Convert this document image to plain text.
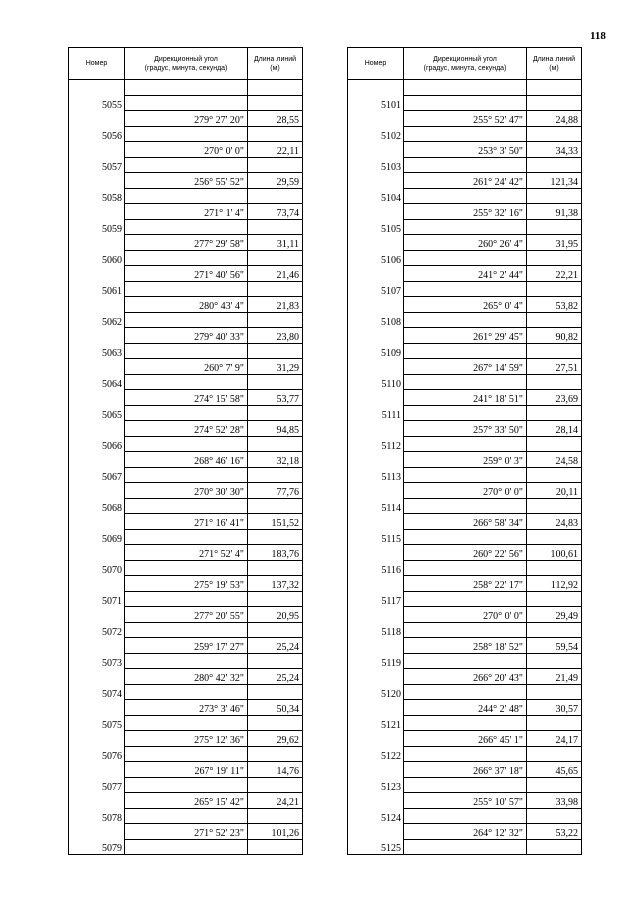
118
Номер	Дирекционный угол
(градус, минута, секунда)	Длина линий
(м)

5055		
	279° 27' 20"	28,55
5056		
	270° 0' 0"	22,11
5057		
	256° 55' 52"	29,59
5058		
	271° 1' 4"	73,74
5059		
	277° 29' 58"	31,11
5060		
	271° 40' 56"	21,46
5061		
	280° 43' 4"	21,83
5062		
	279° 40' 33"	23,80
5063		
	260° 7' 9"	31,29
5064		
	274° 15' 58"	53,77
5065		
	274° 52' 28"	94,85
5066		
	268° 46' 16"	32,18
5067		
	270° 30' 30"	77,76
5068		
	271° 16' 41"	151,52
5069		
	271° 52' 4"	183,76
5070		
	275° 19' 53"	137,32
5071		
	277° 20' 55"	20,95
5072		
	259° 17' 27"	25,24
5073		
	280° 42' 32"	25,24
5074		
	273° 3' 46"	50,34
5075		
	275° 12' 36"	29,62
5076		
	267° 19' 11"	14,76
5077		
	265° 15' 42"	24,21
5078		
	271° 52' 23"	101,26
5079		
Номер	Дирекционный угол
(градус, минута, секунда)	Длина линий
(м)

5101		
	255° 52' 47"	24,88
5102		
	253° 3' 50"	34,33
5103		
	261° 24' 42"	121,34
5104		
	255° 32' 16"	91,38
5105		
	260° 26' 4"	31,95
5106		
	241° 2' 44"	22,21
5107		
	265° 0' 4"	53,82
5108		
	261° 29' 45"	90,82
5109		
	267° 14' 59"	27,51
5110		
	241° 18' 51"	23,69
5111		
	257° 33' 50"	28,14
5112		
	259° 0' 3"	24,58
5113		
	270° 0' 0"	20,11
5114		
	266° 58' 34"	24,83
5115		
	260° 22' 56"	100,61
5116		
	258° 22' 17"	112,92
5117		
	270° 0' 0"	29,49
5118		
	258° 18' 52"	59,54
5119		
	266° 20' 43"	21,49
5120		
	244° 2' 48"	30,57
5121		
	266° 45' 1"	24,17
5122		
	266° 37' 18"	45,65
5123		
	255° 10' 57"	33,98
5124		
	264° 12' 32"	53,22
5125		
